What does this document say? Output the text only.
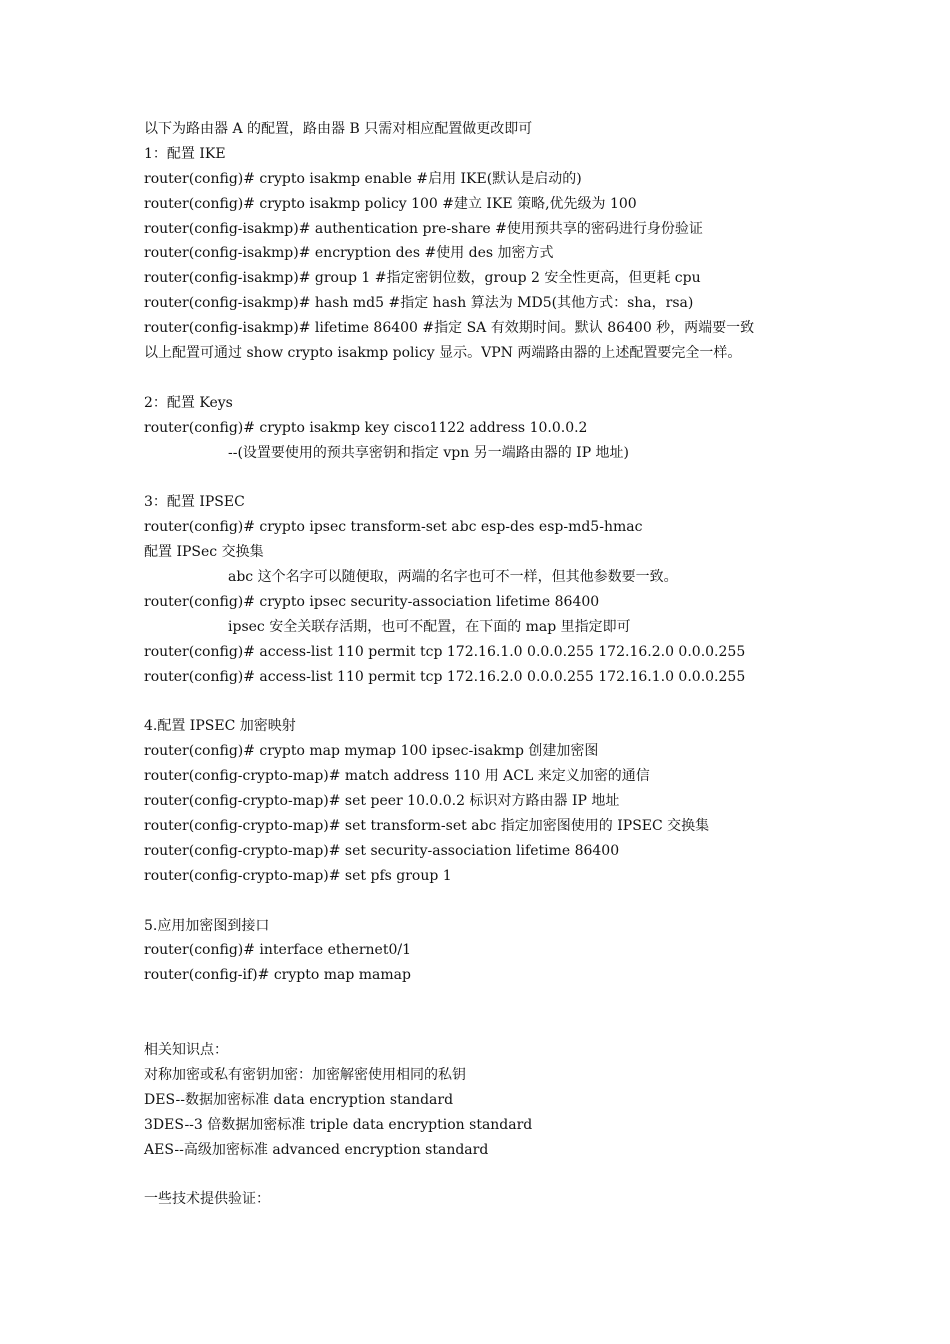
以下为路由器 A 的配置，路由器 B 只需对相应配置做更改即可
1：配置 IKE
router(config)# crypto isakmp enable #启用 IKE(默认是启动的)
router(config)# crypto isakmp policy 100 #建立 IKE 策略,优先级为 100
router(config-isakmp)# authentication pre-share #使用预共享的密码进行身份验证
router(config-isakmp)# encryption des #使用 des 加密方式
router(config-isakmp)# group 1 #指定密钥位数，group 2 安全性更高，但更耗 cpu
router(config-isakmp)# hash md5 #指定 hash 算法为 MD5(其他方式：sha，rsa)
router(config-isakmp)# lifetime 86400 #指定 SA 有效期时间。默认 86400 秒，两端要一致
以上配置可通过 show crypto isakmp policy 显示。VPN 两端路由器的上述配置要完全一样。
2：配置 Keys
router(config)# crypto isakmp key cisco1122 address 10.0.0.2
--(设置要使用的预共享密钥和指定 vpn 另一端路由器的 IP 地址)
3：配置 IPSEC
router(config)# crypto ipsec transform-set abc esp-des esp-md5-hmac
配置 IPSec 交换集
abc 这个名字可以随便取，两端的名字也可不一样，但其他参数要一致。
router(config)# crypto ipsec security-association lifetime 86400
ipsec 安全关联存活期，也可不配置，在下面的 map 里指定即可
router(config)# access-list 110 permit tcp 172.16.1.0 0.0.0.255 172.16.2.0 0.0.0.255
router(config)# access-list 110 permit tcp 172.16.2.0 0.0.0.255 172.16.1.0 0.0.0.255
4.配置 IPSEC 加密映射
router(config)# crypto map mymap 100 ipsec-isakmp 创建加密图
router(config-crypto-map)# match address 110 用 ACL 来定义加密的通信
router(config-crypto-map)# set peer 10.0.0.2 标识对方路由器 IP 地址
router(config-crypto-map)# set transform-set abc 指定加密图使用的 IPSEC 交换集
router(config-crypto-map)# set security-association lifetime 86400
router(config-crypto-map)# set pfs group 1
5.应用加密图到接口
router(config)# interface ethernet0/1
router(config-if)# crypto map mamap
相关知识点：
对称加密或私有密钥加密：加密解密使用相同的私钥
DES--数据加密标准 data encryption standard
3DES--3 倍数据加密标准 triple data encryption standard
AES--高级加密标准 advanced encryption standard
一些技术提供验证：
